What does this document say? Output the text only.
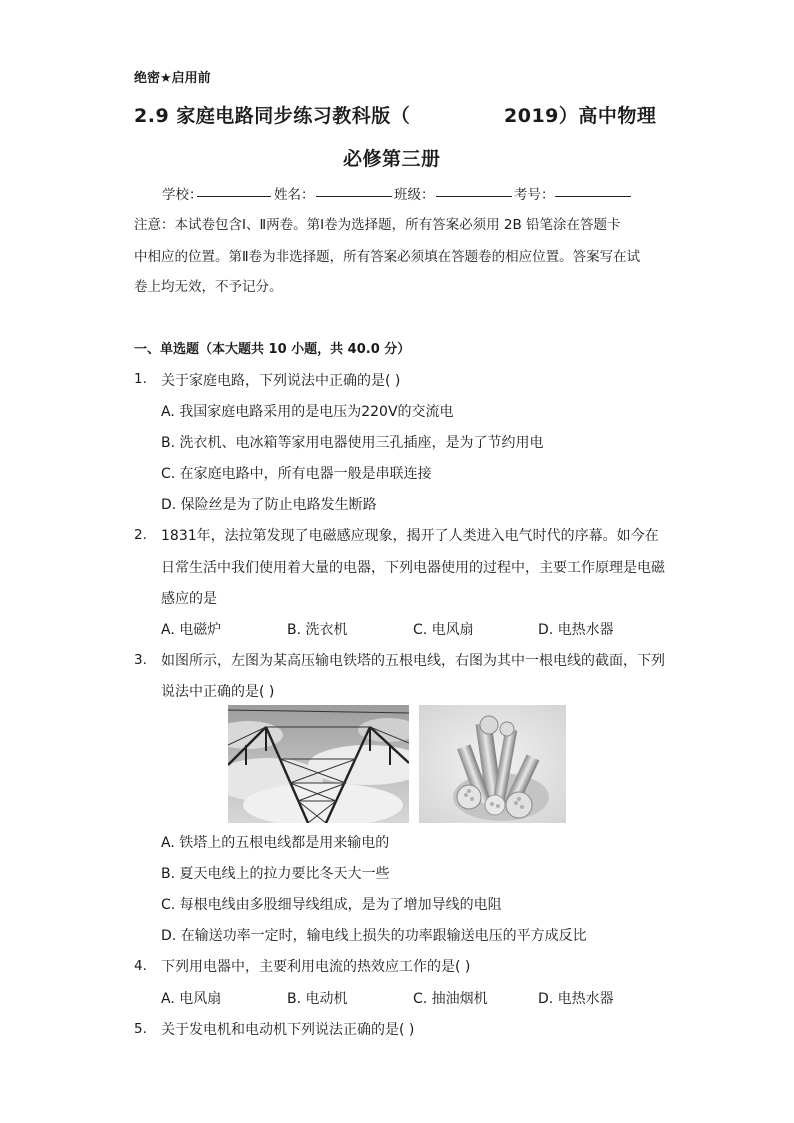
绝密★启用前
2.9 家庭电路同步练习教科版（	2019）高中物理
必修第三册
学校：	姓名：	班级：	考号：
注意：本试卷包含Ⅰ、Ⅱ两卷。第Ⅰ卷为选择题，所有答案必须用 2B 铅笔涂在答题卡
中相应的位置。第Ⅱ卷为非选择题，所有答案必须填在答题卷的相应位置。答案写在试
卷上均无效，不予记分。
一、单选题（本大题共 10 小题，共 40.0 分）
1. 关于家庭电路，下列说法中正确的是( )
A. 我国家庭电路采用的是电压为220V的交流电
B. 洗衣机、电冰箱等家用电器使用三孔插座，是为了节约用电
C. 在家庭电路中，所有电器一般是串联连接
D. 保险丝是为了防止电路发生断路
2. 1831年，法拉第发现了电磁感应现象，揭开了人类进入电气时代的序幕。如今在
日常生活中我们使用着大量的电器，下列电器使用的过程中，主要工作原理是电磁
感应的是
A. 电磁炉	B. 洗衣机	C. 电风扇	D. 电热水器
3. 如图所示，左图为某高压输电铁塔的五根电线，右图为其中一根电线的截面，下列
说法中正确的是( )
A. 铁塔上的五根电线都是用来输电的
B. 夏天电线上的拉力要比冬天大一些
C. 每根电线由多股细导线组成，是为了增加导线的电阻
D. 在输送功率一定时，输电线上损失的功率跟输送电压的平方成反比
4. 下列用电器中，主要利用电流的热效应工作的是( )
A. 电风扇	B. 电动机	C. 抽油烟机	D. 电热水器
5. 关于发电机和电动机下列说法正确的是( )
